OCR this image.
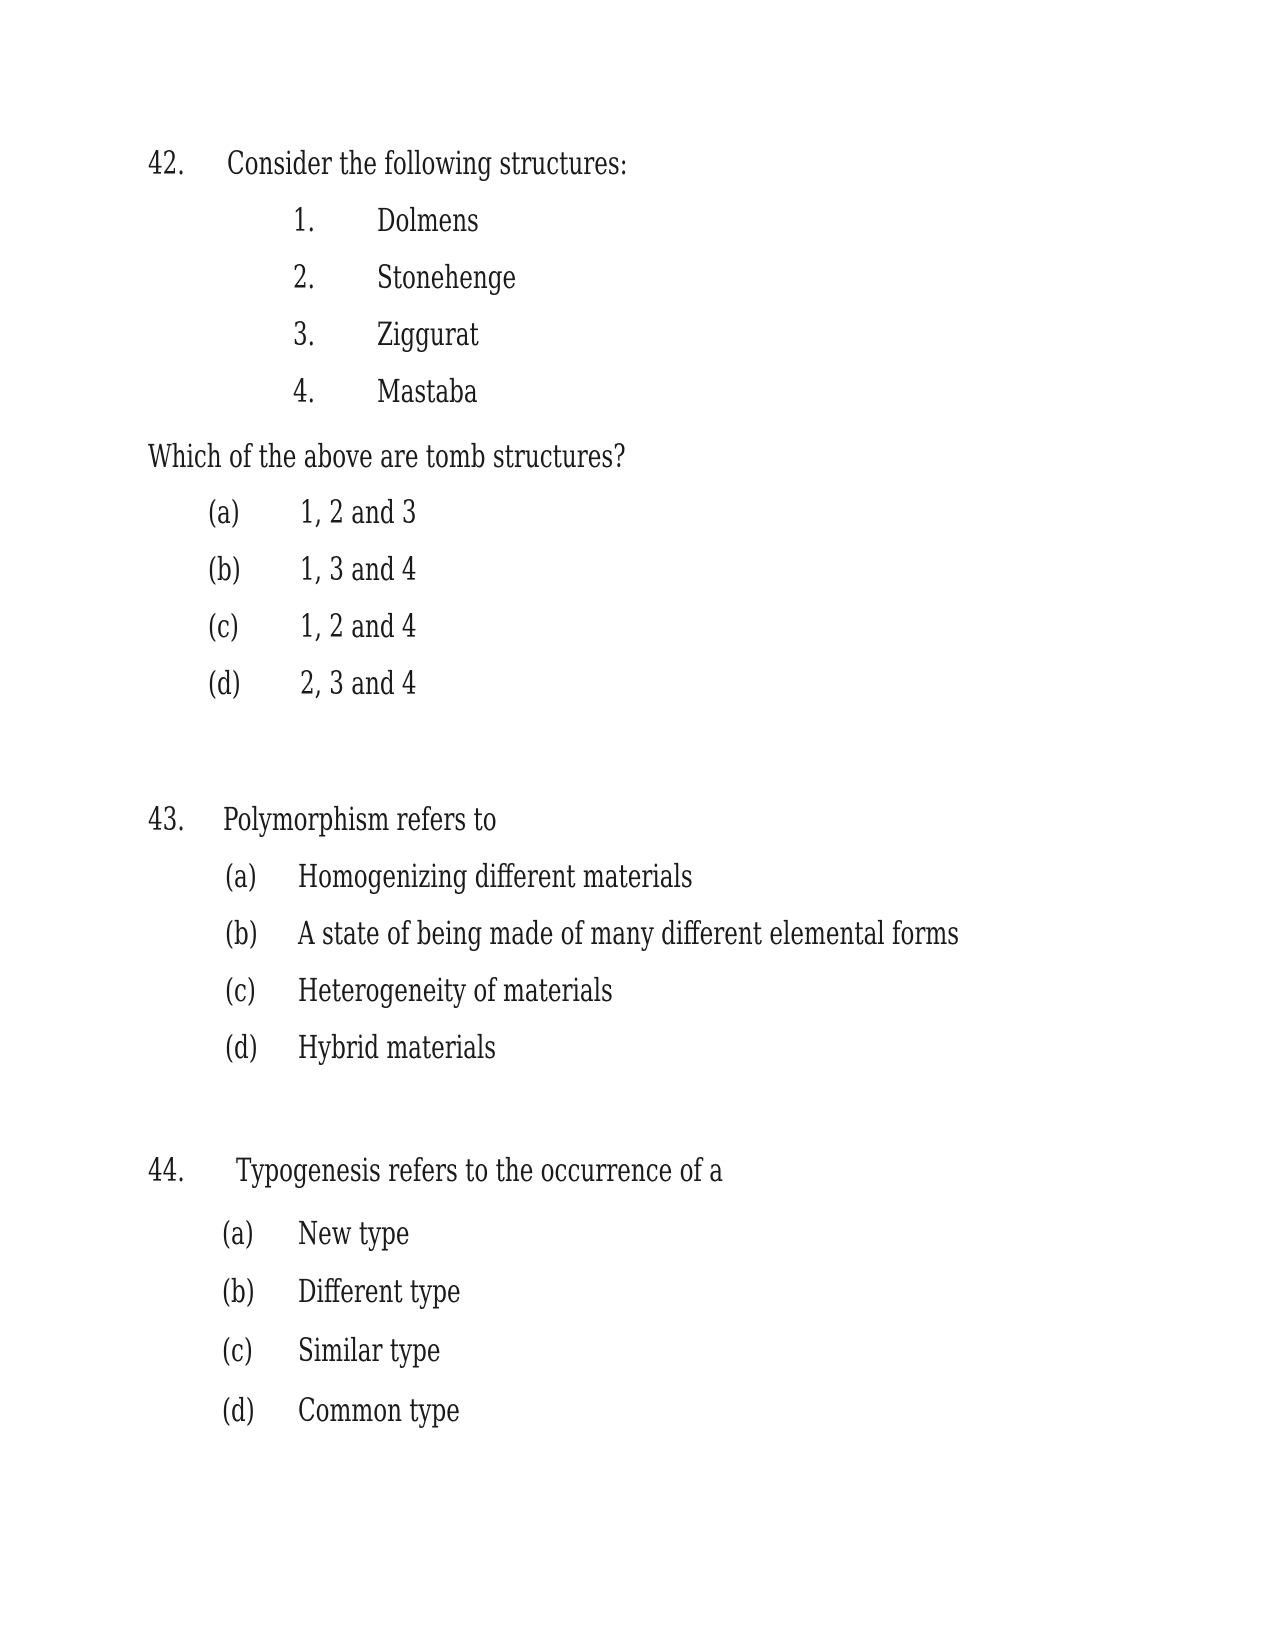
42. Consider the following structures:
1. Dolmens
2. Stonehenge
3. Ziggurat
4. Mastaba
Which of the above are tomb structures?
(a) 1, 2 and 3
(b) 1, 3 and 4
(c) 1, 2 and 4
(d) 2, 3 and 4
43. Polymorphism refers to
(a) Homogenizing different materials
(b) A state of being made of many different elemental forms
(c) Heterogeneity of materials
(d) Hybrid materials
44. Typogenesis refers to the occurrence of a
(a) New type
(b) Different type
(c) Similar type
(d) Common type
